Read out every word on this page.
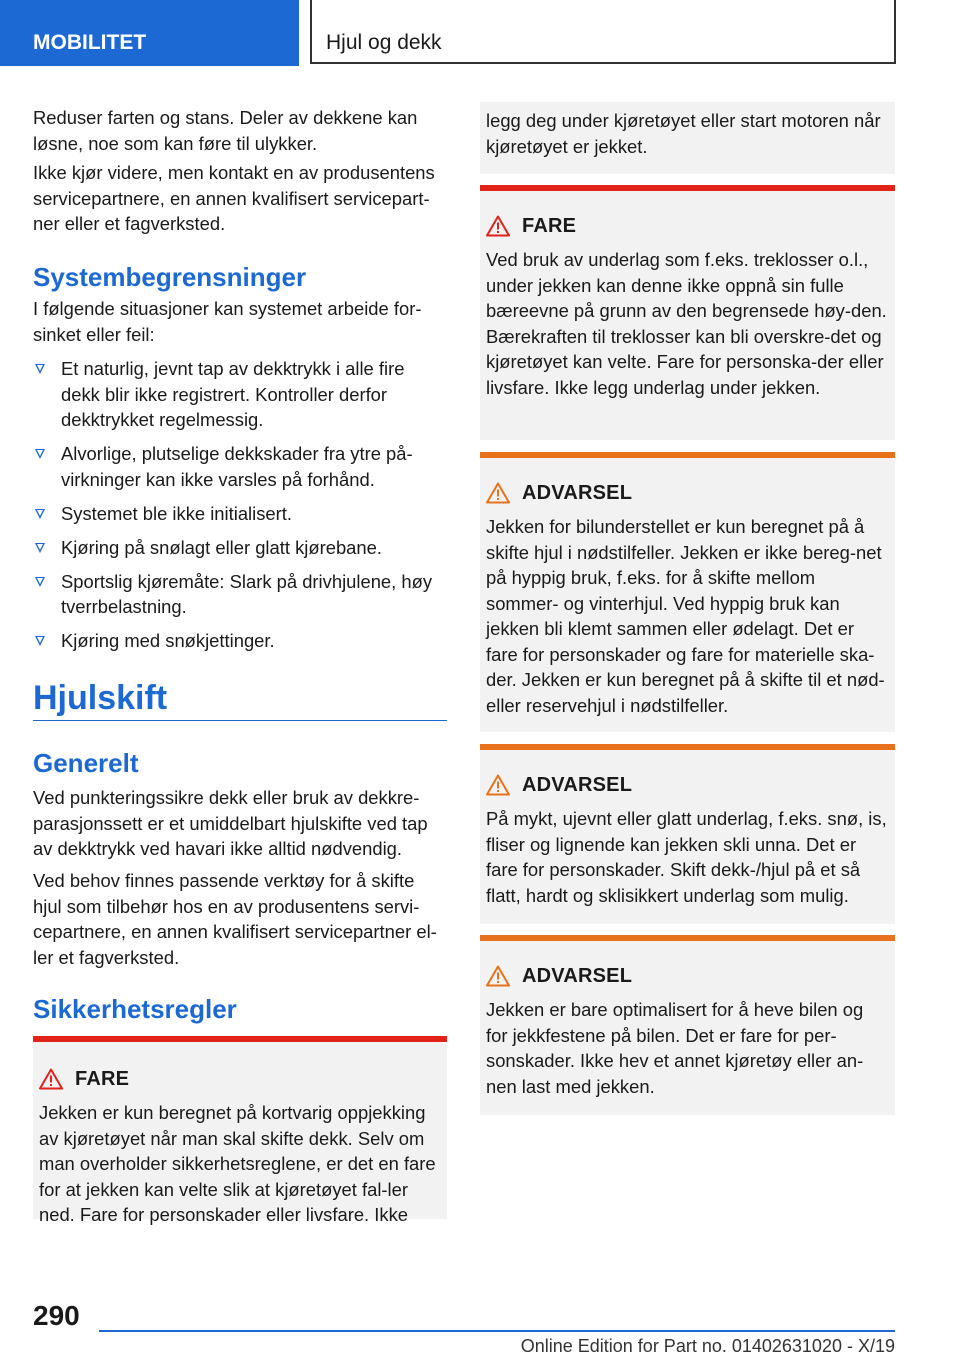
MOBILITET	Hjul og dekk

Reduser farten og stans. Deler av dekkene kan løsne, noe som kan føre til ulykker.

Ikke kjør videre, men kontakt en av produsentens servicepartnere, en annen kvalifisert servicepart-ner eller et fagverksted.

Systembegrensninger

I følgende situasjoner kan systemet arbeide for-sinket eller feil:

Et naturlig, jevnt tap av dekktrykk i alle fire dekk blir ikke registrert. Kontroller derfor dekktrykket regelmessig.
Alvorlige, plutselige dekkskader fra ytre på-virkninger kan ikke varsles på forhånd.
Systemet ble ikke initialisert.
Kjøring på snølagt eller glatt kjørebane.
Sportslig kjøremåte: Slark på drivhjulene, høy tverrbelastning.
Kjøring med snøkjettinger.
Hjulskift
Generelt

Ved punkteringssikre dekk eller bruk av dekkre-parasjonssett er et umiddelbart hjulskifte ved tap av dekktrykk ved havari ikke alltid nødvendig.

Ved behov finnes passende verktøy for å skifte hjul som tilbehør hos en av produsentens servi-cepartnere, en annen kvalifisert servicepartner el-ler et fagverksted.

Sikkerhetsregler
FARE

Jekken er kun beregnet på kortvarig oppjekking av kjøretøyet når man skal skifte dekk. Selv om man overholder sikkerhetsreglene, er det en fare for at jekken kan velte slik at kjøretøyet fal-ler ned. Fare for personskader eller livsfare. Ikke

legg deg under kjøretøyet eller start motoren når kjøretøyet er jekket.

FARE

Ved bruk av underlag som f.eks. treklosser o.l., under jekken kan denne ikke oppnå sin fulle bæreevne på grunn av den begrensede høy-den. Bærekraften til treklosser kan bli overskre-det og kjøretøyet kan velte. Fare for personska-der eller livsfare. Ikke legg underlag under jekken.

ADVARSEL

Jekken for bilunderstellet er kun beregnet på å skifte hjul i nødstilfeller. Jekken er ikke bereg-net på hyppig bruk, f.eks. for å skifte mellom sommer- og vinterhjul. Ved hyppig bruk kan jekken bli klemt sammen eller ødelagt. Det er fare for personskader og fare for materielle ska-der. Jekken er kun beregnet på å skifte til et nød- eller reservehjul i nødstilfeller.

ADVARSEL

På mykt, ujevnt eller glatt underlag, f.eks. snø, is, fliser og lignende kan jekken skli unna. Det er fare for personskader. Skift dekk-/hjul på et så flatt, hardt og sklisikkert underlag som mulig.

ADVARSEL

Jekken er bare optimalisert for å heve bilen og for jekkfestene på bilen. Det er fare for per-sonskader. Ikke hev et annet kjøretøy eller an-nen last med jekken.

290
Online Edition for Part no. 01402631020 - X/19
